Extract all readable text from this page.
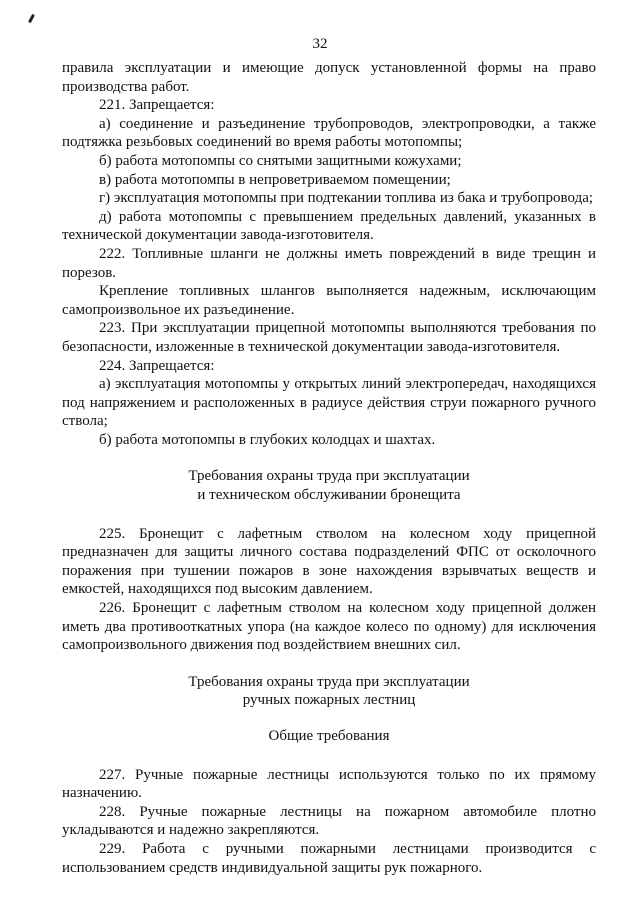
32

правила эксплуатации и имеющие допуск установленной формы на право производства работ.

221. Запрещается:

а) соединение и разъединение трубопроводов, электропроводки, а также подтяжка резьбовых соединений во время работы мотопомпы;

б) работа мотопомпы со снятыми защитными кожухами;

в) работа мотопомпы в непроветриваемом помещении;

г) эксплуатация мотопомпы при подтекании топлива из бака и трубопровода;

д) работа мотопомпы с превышением предельных давлений, указанных в технической документации завода-изготовителя.

222. Топливные шланги не должны иметь повреждений в виде трещин и порезов.

Крепление топливных шлангов выполняется надежным, исключающим самопроизвольное их разъединение.

223. При эксплуатации прицепной мотопомпы выполняются требования по безопасности, изложенные в технической документации завода-изготовителя.

224. Запрещается:

а) эксплуатация мотопомпы у открытых линий электропередач, находящихся под напряжением и расположенных в радиусе действия струи пожарного ручного ствола;

б) работа мотопомпы в глубоких колодцах и шахтах.

Требования охраны труда при эксплуатации

и техническом обслуживании бронещита

225. Бронещит с лафетным стволом на колесном ходу прицепной предназначен для защиты личного состава подразделений ФПС от осколочного поражения при тушении пожаров в зоне нахождения взрывчатых веществ и емкостей, находящихся под высоким давлением.

226. Бронещит с лафетным стволом на колесном ходу прицепной должен иметь два противооткатных упора (на каждое колесо по одному) для исключения самопроизвольного движения под воздействием внешних сил.

Требования охраны труда при эксплуатации

ручных пожарных лестниц

Общие требования

227. Ручные пожарные лестницы используются только по их прямому назначению.

228. Ручные пожарные лестницы на пожарном автомобиле плотно укладываются и надежно закрепляются.

229. Работа с ручными пожарными лестницами производится с использованием средств индивидуальной защиты рук пожарного.
